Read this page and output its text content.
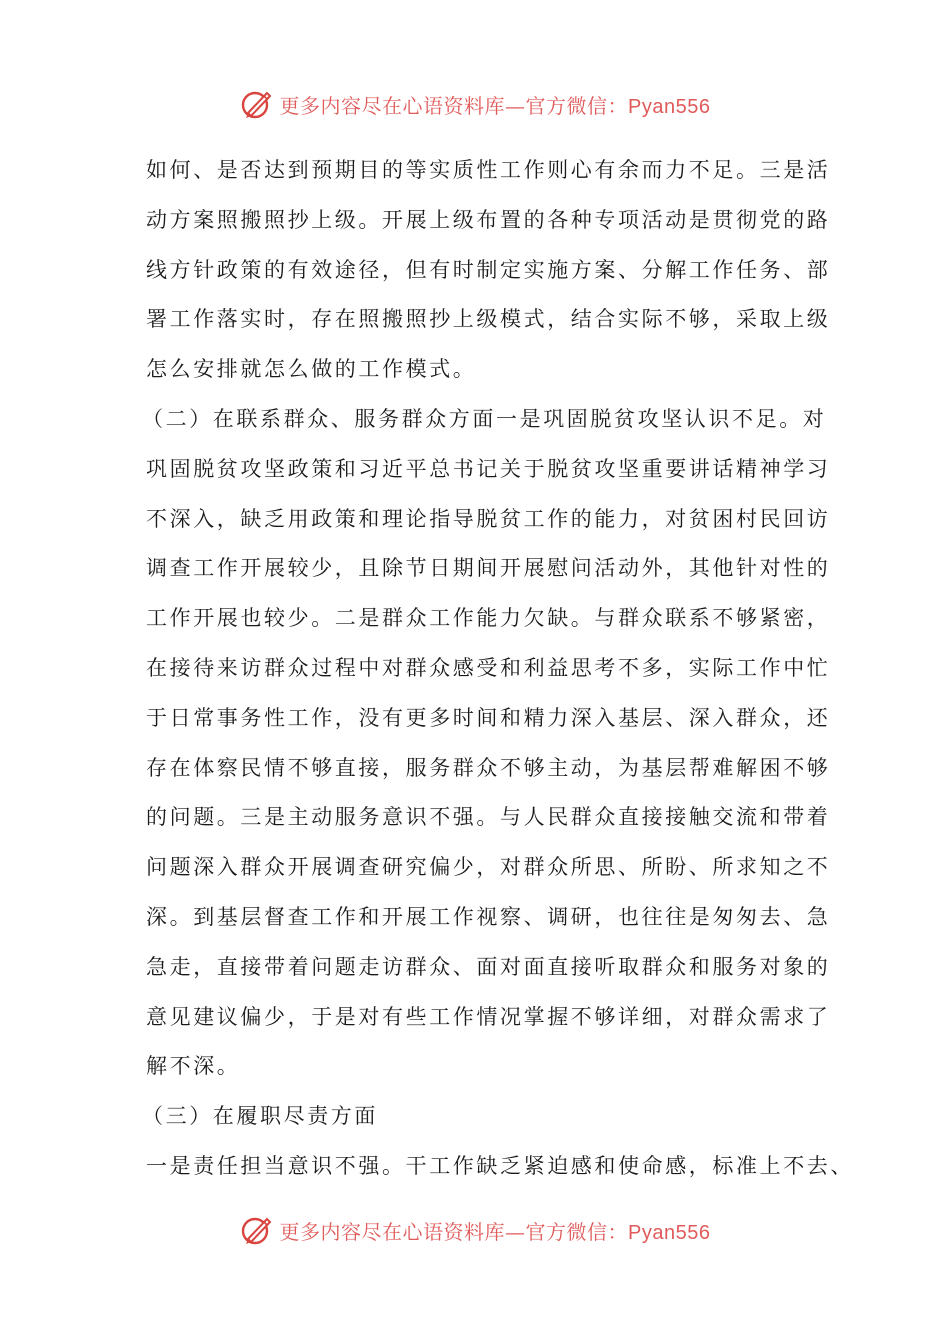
更多内容尽在心语资料库—官方微信：Pyan556
如何、是否达到预期目的等实质性工作则心有余而力不足。三是活
动方案照搬照抄上级。开展上级布置的各种专项活动是贯彻党的路
线方针政策的有效途径，但有时制定实施方案、分解工作任务、部
署工作落实时，存在照搬照抄上级模式，结合实际不够，采取上级
怎么安排就怎么做的工作模式。
（二）在联系群众、服务群众方面一是巩固脱贫攻坚认识不足。对
巩固脱贫攻坚政策和习近平总书记关于脱贫攻坚重要讲话精神学习
不深入，缺乏用政策和理论指导脱贫工作的能力，对贫困村民回访
调查工作开展较少，且除节日期间开展慰问活动外，其他针对性的
工作开展也较少。二是群众工作能力欠缺。与群众联系不够紧密，
在接待来访群众过程中对群众感受和利益思考不多，实际工作中忙
于日常事务性工作，没有更多时间和精力深入基层、深入群众，还
存在体察民情不够直接，服务群众不够主动，为基层帮难解困不够
的问题。三是主动服务意识不强。与人民群众直接接触交流和带着
问题深入群众开展调查研究偏少，对群众所思、所盼、所求知之不
深。到基层督查工作和开展工作视察、调研，也往往是匆匆去、急
急走，直接带着问题走访群众、面对面直接听取群众和服务对象的
意见建议偏少，于是对有些工作情况掌握不够详细，对群众需求了
解不深。
（三）在履职尽责方面
一是责任担当意识不强。干工作缺乏紧迫感和使命感，标准上不去、
更多内容尽在心语资料库—官方微信：Pyan556
